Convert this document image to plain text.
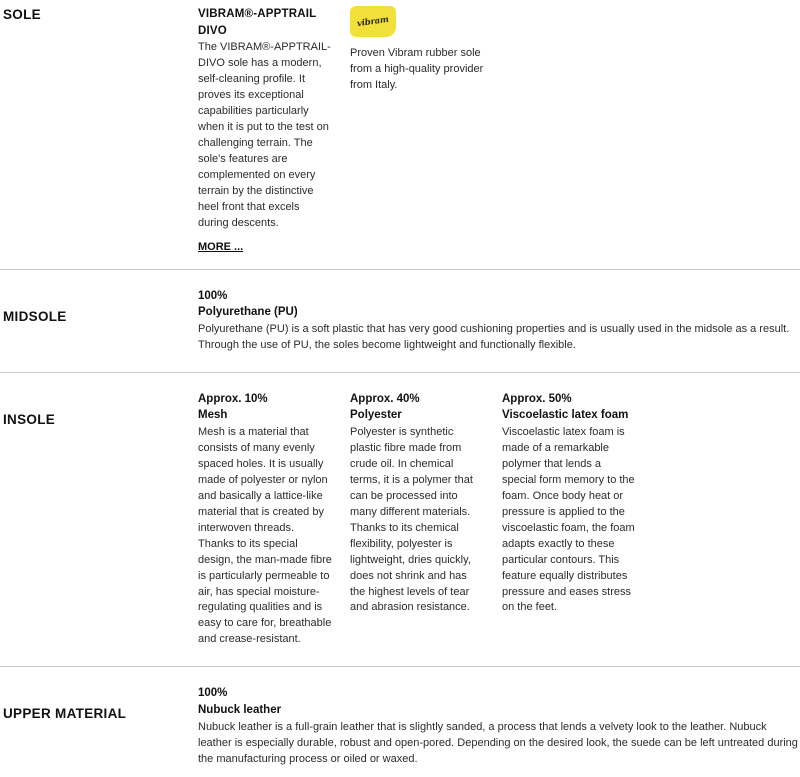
SOLE	VIBRAM®-APPTRAIL DIVO
The VIBRAM®-APPTRAIL-DIVO sole has a modern, self-cleaning profile. It proves its exceptional capabilities particularly when it is put to the test on challenging terrain. The sole's features are complemented on every terrain by the distinctive heel front that excels during descents.
MORE ...
vibram
Proven Vibram rubber sole from a high-quality provider from Italy.
MIDSOLE
100%
Polyurethane (PU)
Polyurethane (PU) is a soft plastic that has very good cushioning properties and is usually used in the midsole as a result. Through the use of PU, the soles become lightweight and functionally flexible.
INSOLE
Approx. 10%
Mesh
Mesh is a material that consists of many evenly spaced holes. It is usually made of polyester or nylon and basically a lattice-like material that is created by interwoven threads. Thanks to its special design, the man-made fibre is particularly permeable to air, has special moisture-regulating qualities and is easy to care for, breathable and crease-resistant.
Approx. 40%
Polyester
Polyester is synthetic plastic fibre made from crude oil. In chemical terms, it is a polymer that can be processed into many different materials. Thanks to its chemical flexibility, polyester is lightweight, dries quickly, does not shrink and has the highest levels of tear and abrasion resistance.
Approx. 50%
Viscoelastic latex foam
Viscoelastic latex foam is made of a remarkable polymer that lends a special form memory to the foam. Once body heat or pressure is applied to the viscoelastic foam, the foam adapts exactly to these particular contours. This feature equally distributes pressure and eases stress on the feet.
UPPER MATERIAL
100%
Nubuck leather
Nubuck leather is a full-grain leather that is slightly sanded, a process that lends a velvety look to the leather. Nubuck leather is especially durable, robust and open-pored. Depending on the desired look, the suede can be left untreated during the manufacturing process or oiled or waxed.
